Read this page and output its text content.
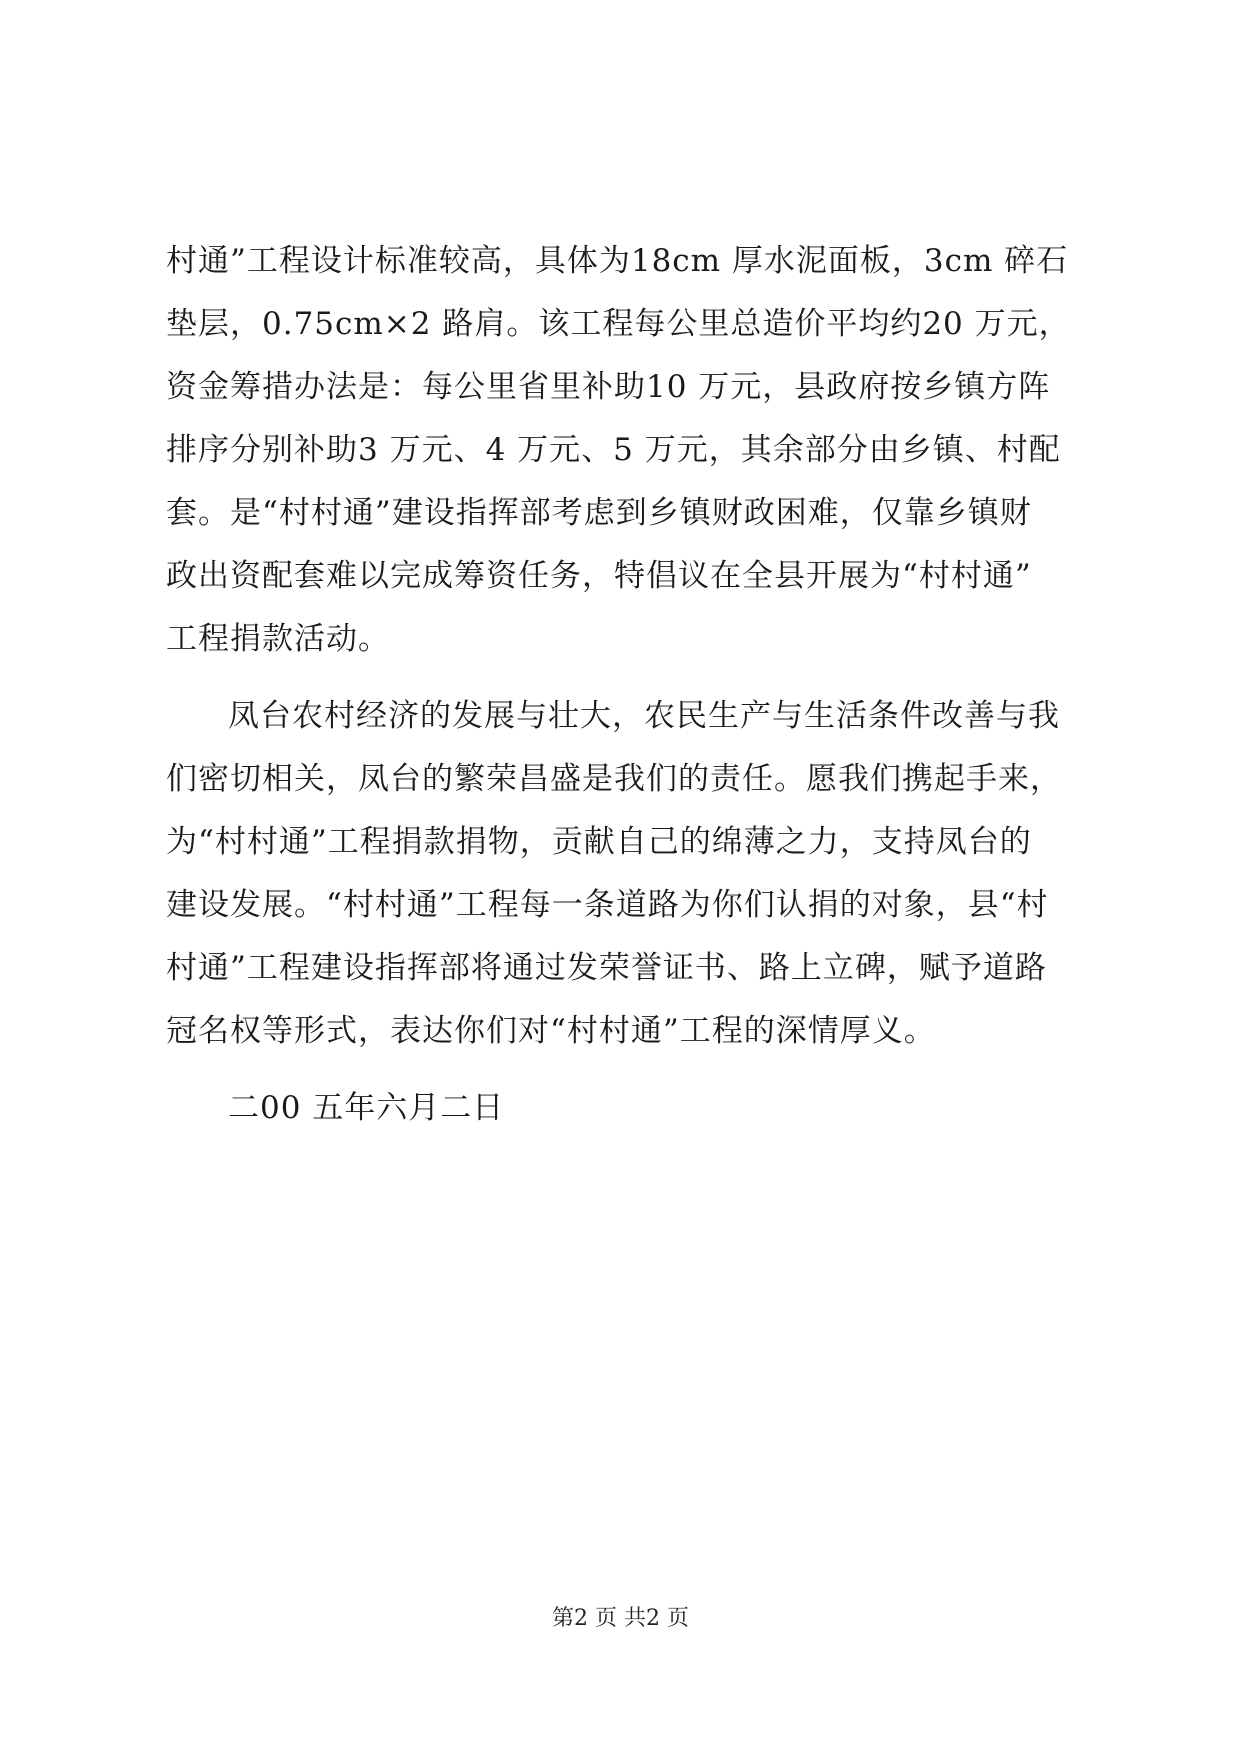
村通”工程设计标准较高，具体为18cm 厚水泥面板，3cm 碎石
垫层，0.75cm×2 路肩。该工程每公里总造价平均约20 万元，
资金筹措办法是：每公里省里补助10 万元，县政府按乡镇方阵
排序分别补助3 万元、4 万元、5 万元，其余部分由乡镇、村配
套。是“村村通”建设指挥部考虑到乡镇财政困难，仅靠乡镇财
政出资配套难以完成筹资任务，特倡议在全县开展为“村村通”
工程捐款活动。
凤台农村经济的发展与壮大，农民生产与生活条件改善与我
们密切相关，凤台的繁荣昌盛是我们的责任。愿我们携起手来，
为“村村通”工程捐款捐物，贡献自己的绵薄之力，支持凤台的
建设发展。“村村通”工程每一条道路为你们认捐的对象，县“村
村通”工程建设指挥部将通过发荣誉证书、路上立碑，赋予道路
冠名权等形式，表达你们对“村村通”工程的深情厚义。
二00 五年六月二日
第2 页 共2 页
